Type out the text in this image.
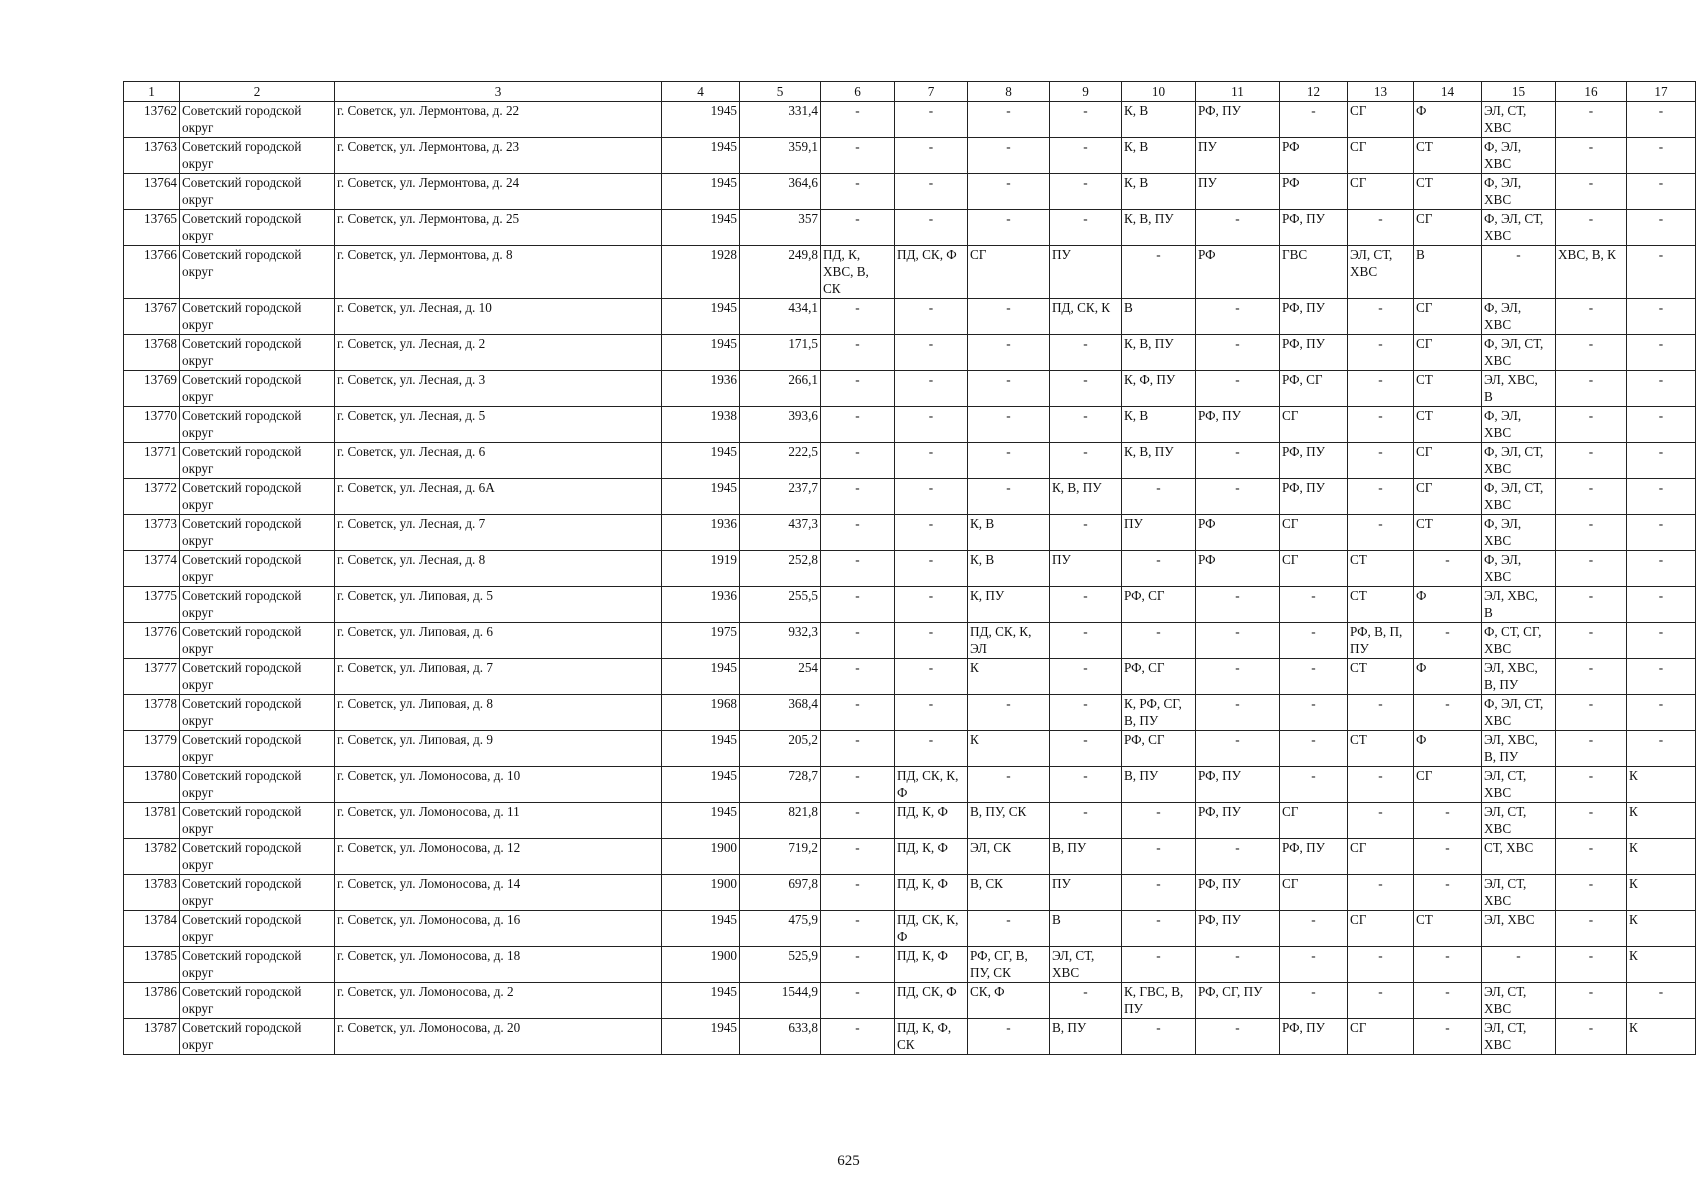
1	2	3	4	5	6	7	8	9	10	11	12	13	14	15	16	17
13762	Советский городской
округ	г. Советск, ул. Лермонтова, д. 22	1945	331,4	-	-	-	-	К, В	РФ, ПУ	-	СГ	Ф	ЭЛ, СТ,
ХВС	-	-
13763	Советский городской
округ	г. Советск, ул. Лермонтова, д. 23	1945	359,1	-	-	-	-	К, В	ПУ	РФ	СГ	СТ	Ф, ЭЛ,
ХВС	-	-
13764	Советский городской
округ	г. Советск, ул. Лермонтова, д. 24	1945	364,6	-	-	-	-	К, В	ПУ	РФ	СГ	СТ	Ф, ЭЛ,
ХВС	-	-
13765	Советский городской
округ	г. Советск, ул. Лермонтова, д. 25	1945	357	-	-	-	-	К, В, ПУ	-	РФ, ПУ	-	СГ	Ф, ЭЛ, СТ,
ХВС	-	-
13766	Советский городской
округ	г. Советск, ул. Лермонтова, д. 8	1928	249,8	ПД, К,
ХВС, В,
СК	ПД, СК, Ф	СГ	ПУ	-	РФ	ГВС	ЭЛ, СТ,
ХВС	В	-	ХВС, В, К	-
13767	Советский городской
округ	г. Советск, ул. Лесная, д. 10	1945	434,1	-	-	-	ПД, СК, К	В	-	РФ, ПУ	-	СГ	Ф, ЭЛ,
ХВС	-	-
13768	Советский городской
округ	г. Советск, ул. Лесная, д. 2	1945	171,5	-	-	-	-	К, В, ПУ	-	РФ, ПУ	-	СГ	Ф, ЭЛ, СТ,
ХВС	-	-
13769	Советский городской
округ	г. Советск, ул. Лесная, д. 3	1936	266,1	-	-	-	-	К, Ф, ПУ	-	РФ, СГ	-	СТ	ЭЛ, ХВС,
В	-	-
13770	Советский городской
округ	г. Советск, ул. Лесная, д. 5	1938	393,6	-	-	-	-	К, В	РФ, ПУ	СГ	-	СТ	Ф, ЭЛ,
ХВС	-	-
13771	Советский городской
округ	г. Советск, ул. Лесная, д. 6	1945	222,5	-	-	-	-	К, В, ПУ	-	РФ, ПУ	-	СГ	Ф, ЭЛ, СТ,
ХВС	-	-
13772	Советский городской
округ	г. Советск, ул. Лесная, д. 6А	1945	237,7	-	-	-	К, В, ПУ	-	-	РФ, ПУ	-	СГ	Ф, ЭЛ, СТ,
ХВС	-	-
13773	Советский городской
округ	г. Советск, ул. Лесная, д. 7	1936	437,3	-	-	К, В	-	ПУ	РФ	СГ	-	СТ	Ф, ЭЛ,
ХВС	-	-
13774	Советский городской
округ	г. Советск, ул. Лесная, д. 8	1919	252,8	-	-	К, В	ПУ	-	РФ	СГ	СТ	-	Ф, ЭЛ,
ХВС	-	-
13775	Советский городской
округ	г. Советск, ул. Липовая, д. 5	1936	255,5	-	-	К, ПУ	-	РФ, СГ	-	-	СТ	Ф	ЭЛ, ХВС,
В	-	-
13776	Советский городской
округ	г. Советск, ул. Липовая, д. 6	1975	932,3	-	-	ПД, СК, К,
ЭЛ	-	-	-	-	РФ, В, П,
ПУ	-	Ф, СТ, СГ,
ХВС	-	-
13777	Советский городской
округ	г. Советск, ул. Липовая, д. 7	1945	254	-	-	К	-	РФ, СГ	-	-	СТ	Ф	ЭЛ, ХВС,
В, ПУ	-	-
13778	Советский городской
округ	г. Советск, ул. Липовая, д. 8	1968	368,4	-	-	-	-	К, РФ, СГ,
В, ПУ	-	-	-	-	Ф, ЭЛ, СТ,
ХВС	-	-
13779	Советский городской
округ	г. Советск, ул. Липовая, д. 9	1945	205,2	-	-	К	-	РФ, СГ	-	-	СТ	Ф	ЭЛ, ХВС,
В, ПУ	-	-
13780	Советский городской
округ	г. Советск, ул. Ломоносова, д. 10	1945	728,7	-	ПД, СК, К,
Ф	-	-	В, ПУ	РФ, ПУ	-	-	СГ	ЭЛ, СТ,
ХВС	-	К
13781	Советский городской
округ	г. Советск, ул. Ломоносова, д. 11	1945	821,8	-	ПД, К, Ф	В, ПУ, СК	-	-	РФ, ПУ	СГ	-	-	ЭЛ, СТ,
ХВС	-	К
13782	Советский городской
округ	г. Советск, ул. Ломоносова, д. 12	1900	719,2	-	ПД, К, Ф	ЭЛ, СК	В, ПУ	-	-	РФ, ПУ	СГ	-	СТ, ХВС	-	К
13783	Советский городской
округ	г. Советск, ул. Ломоносова, д. 14	1900	697,8	-	ПД, К, Ф	В, СК	ПУ	-	РФ, ПУ	СГ	-	-	ЭЛ, СТ,
ХВС	-	К
13784	Советский городской
округ	г. Советск, ул. Ломоносова, д. 16	1945	475,9	-	ПД, СК, К,
Ф	-	В	-	РФ, ПУ	-	СГ	СТ	ЭЛ, ХВС	-	К
13785	Советский городской
округ	г. Советск, ул. Ломоносова, д. 18	1900	525,9	-	ПД, К, Ф	РФ, СГ, В,
ПУ, СК	ЭЛ, СТ,
ХВС	-	-	-	-	-	-	-	К
13786	Советский городской
округ	г. Советск, ул. Ломоносова, д. 2	1945	1544,9	-	ПД, СК, Ф	СК, Ф	-	К, ГВС, В,
ПУ	РФ, СГ, ПУ	-	-	-	ЭЛ, СТ,
ХВС	-	-
13787	Советский городской
округ	г. Советск, ул. Ломоносова, д. 20	1945	633,8	-	ПД, К, Ф,
СК	-	В, ПУ	-	-	РФ, ПУ	СГ	-	ЭЛ, СТ,
ХВС	-	К
625
